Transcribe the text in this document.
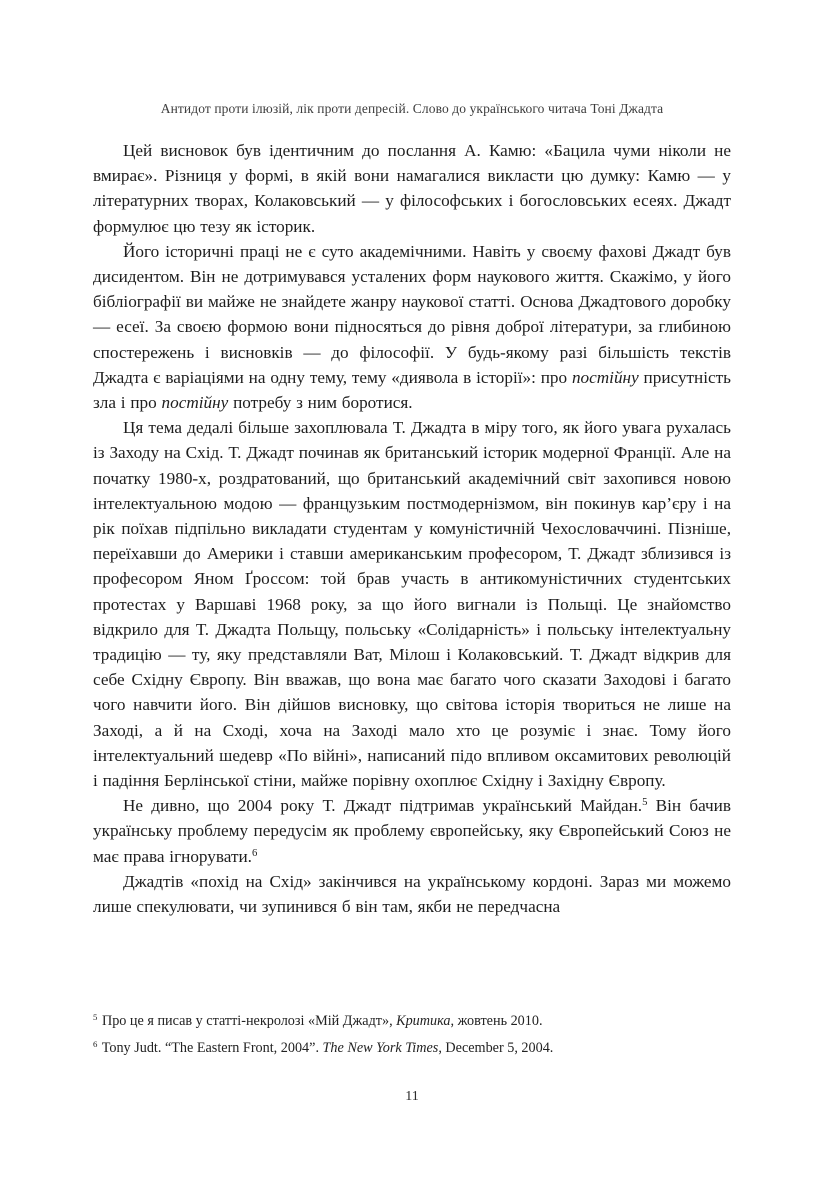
Антидот проти ілюзій, лік проти депресій. Слово до українського читача Тоні Джадта

Цей висновок був ідентичним до послання А. Камю: «Бацила чуми ніколи не вмирає». Різниця у формі, в якій вони намагалися викласти цю думку: Камю — у літературних творах, Колаковський — у філософських і богословських есеях. Джадт формулює цю тезу як історик.

Його історичні праці не є суто академічними. Навіть у своєму фахові Джадт був дисидентом. Він не дотримувався усталених форм наукового життя. Скажімо, у його бібліографії ви майже не знайдете жанру наукової статті. Основа Джадтового доробку — есеї. За своєю формою вони підносяться до рівня доброї літератури, за глибиною спостережень і висновків — до філософії. У будь-якому разі більшість текстів Джадта є варіаціями на одну тему, тему «диявола в історії»: про постійну присутність зла і про постійну потребу з ним боротися.

Ця тема дедалі більше захоплювала Т. Джадта в міру того, як його увага рухалась із Заходу на Схід. Т. Джадт починав як британський історик модерної Франції. Але на початку 1980-х, роздратований, що британський академічний світ захопився новою інтелектуальною модою — французьким постмодернізмом, він покинув кар’єру і на рік поїхав підпільно викладати студентам у комуністичній Чехословаччині. Пізніше, переїхавши до Америки і ставши американським професором, Т. Джадт зблизився із професором Яном Ґроссом: той брав участь в антикомуністичних студентських протестах у Варшаві 1968 року, за що його вигнали із Польщі. Це знайомство відкрило для Т. Джадта Польщу, польську «Солідарність» і польську інтелектуальну традицію — ту, яку представляли Ват, Мілош і Колаковський. Т. Джадт відкрив для себе Східну Європу. Він вважав, що вона має багато чого сказати Заходові і багато чого навчити його. Він дійшов висновку, що світова історія твориться не лише на Заході, а й на Сході, хоча на Заході мало хто це розуміє і знає. Тому його інтелектуальний шедевр «По війні», написаний підо впливом оксамитових революцій і падіння Берлінської стіни, майже порівну охоплює Східну і Західну Європу.

Не дивно, що 2004 року Т. Джадт підтримав український Майдан.$^5$ Він бачив українську проблему передусім як проблему європейську, яку Європейський Союз не має права ігнорувати.$^6$

Джадтів «похід на Схід» закінчився на українському кордоні. Зараз ми можемо лише спекулювати, чи зупинився б він там, якби не передчасна

$^5$ Про це я писав у статті-некролозі «Мій Джадт», Критика, жовтень 2010.
$^6$ Tony Judt. “The Eastern Front, 2004”. The New York Times, December 5, 2004.
11
